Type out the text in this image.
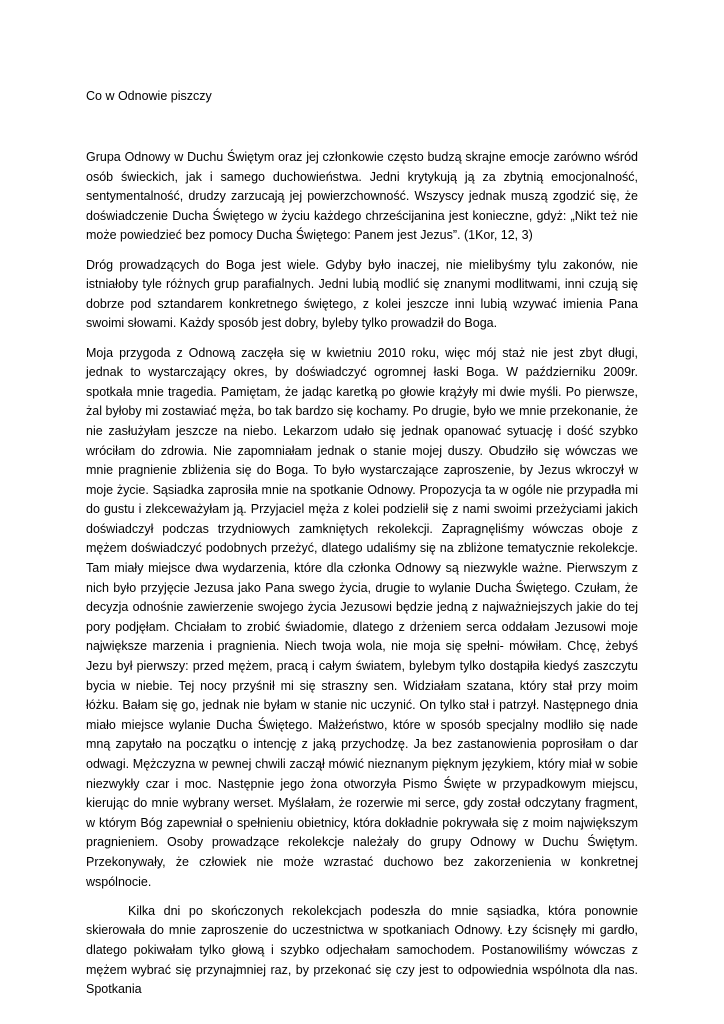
Co w Odnowie piszczy

Grupa Odnowy w Duchu Świętym oraz jej członkowie często budzą skrajne emocje zarówno wśród osób świeckich, jak i samego duchowieństwa. Jedni krytykują ją za zbytnią emocjonalność, sentymentalność, drudzy zarzucają jej powierzchowność. Wszyscy jednak muszą zgodzić się, że doświadczenie Ducha Świętego w życiu każdego chrześcijanina jest konieczne, gdyż: „Nikt też nie może powiedzieć bez pomocy Ducha Świętego: Panem jest Jezus”. (1Kor, 12, 3)

Dróg prowadzących do Boga jest wiele. Gdyby było inaczej, nie mielibyśmy tylu zakonów, nie istniałoby tyle różnych grup parafialnych. Jedni lubią modlić się znanymi modlitwami, inni czują się dobrze pod sztandarem konkretnego świętego, z kolei jeszcze inni lubią wzywać imienia Pana swoimi słowami. Każdy sposób jest dobry, byleby tylko prowadził do Boga.

Moja przygoda z Odnową zaczęła się w kwietniu 2010 roku, więc mój staż nie jest zbyt długi, jednak to wystarczający okres, by doświadczyć ogromnej łaski Boga. W październiku 2009r. spotkała mnie tragedia. Pamiętam, że jadąc karetką po głowie krążyły mi dwie myśli. Po pierwsze, żal byłoby mi zostawiać męża, bo tak bardzo się kochamy. Po drugie, było we mnie przekonanie, że nie zasłużyłam jeszcze na niebo. Lekarzom udało się jednak opanować sytuację i dość szybko wróciłam do zdrowia. Nie zapomniałam jednak o stanie mojej duszy. Obudziło się wówczas we mnie pragnienie zbliżenia się do Boga. To było wystarczające zaproszenie, by Jezus wkroczył w moje życie. Sąsiadka zaprosiła mnie na spotkanie Odnowy. Propozycja ta w ogóle nie przypadła mi do gustu i zlekceważyłam ją. Przyjaciel męża z kolei podzielił się z nami swoimi przeżyciami jakich doświadczył podczas trzydniowych zamkniętych rekolekcji. Zapragnęliśmy wówczas oboje z mężem doświadczyć podobnych przeżyć, dlatego udaliśmy się na zbliżone tematycznie rekolekcje. Tam miały miejsce dwa wydarzenia, które dla członka Odnowy są niezwykle ważne. Pierwszym z nich było przyjęcie Jezusa jako Pana swego życia, drugie to wylanie Ducha Świętego. Czułam, że decyzja odnośnie zawierzenie swojego życia Jezusowi będzie jedną z najważniejszych jakie do tej pory podjęłam. Chciałam to zrobić świadomie, dlatego z drżeniem serca oddałam Jezusowi moje największe marzenia i pragnienia. Niech twoja wola, nie moja się spełni- mówiłam. Chcę, żebyś Jezu był pierwszy: przed mężem, pracą i całym światem, bylebym tylko dostąpiła kiedyś zaszczytu bycia w niebie. Tej nocy przyśnił mi się straszny sen. Widziałam szatana, który stał przy moim łóżku. Bałam się go, jednak nie byłam w stanie nic uczynić. On tylko stał i patrzył. Następnego dnia miało miejsce wylanie Ducha Świętego. Małżeństwo, które w sposób specjalny modliło się nade mną zapytało na początku o intencję z jaką przychodzę. Ja bez zastanowienia poprosiłam o dar odwagi. Mężczyzna w pewnej chwili zaczął mówić nieznanym pięknym językiem, który miał w sobie niezwykły czar i moc. Następnie jego żona otworzyła Pismo Święte w przypadkowym miejscu, kierując do mnie wybrany werset. Myślałam, że rozerwie mi serce, gdy został odczytany fragment, w którym Bóg zapewniał o spełnieniu obietnicy, która dokładnie pokrywała się z moim największym pragnieniem. Osoby prowadzące rekolekcje należały do grupy Odnowy w Duchu Świętym. Przekonywały, że człowiek nie może wzrastać duchowo bez zakorzenienia w konkretnej wspólnocie.

Kilka dni po skończonych rekolekcjach podeszła do mnie sąsiadka, która ponownie skierowała do mnie zaproszenie do uczestnictwa w spotkaniach Odnowy. Łzy ścisnęły mi gardło, dlatego pokiwałam tylko głową i szybko odjechałam samochodem. Postanowiliśmy wówczas z mężem wybrać się przynajmniej raz, by przekonać się czy jest to odpowiednia wspólnota dla nas. Spotkania
